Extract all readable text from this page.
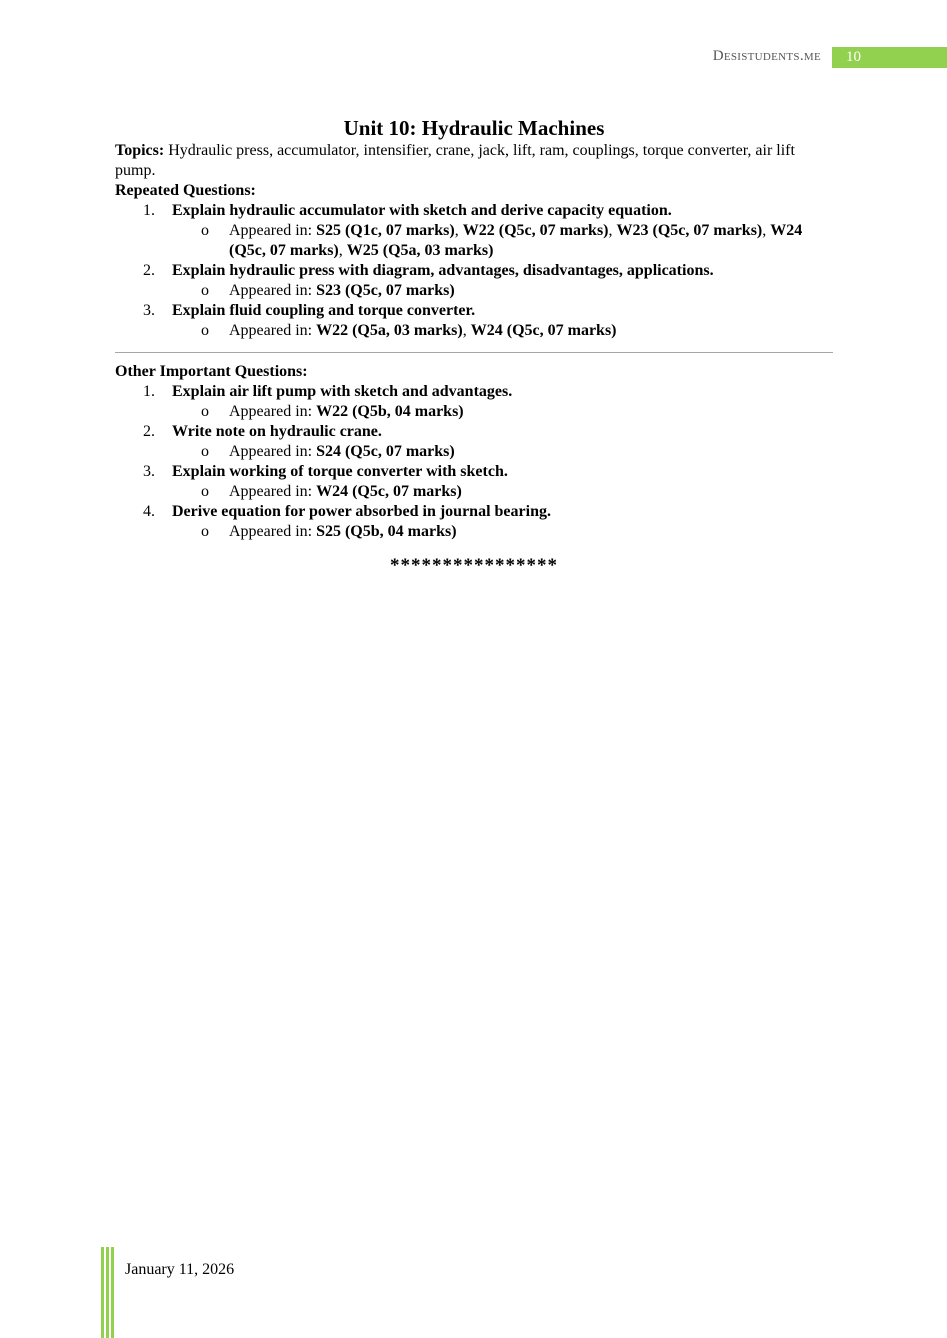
Desistudents.me	10
Unit 10: Hydraulic Machines

Topics: Hydraulic press, accumulator, intensifier, crane, jack, lift, ram, couplings, torque converter, air lift pump.

Repeated Questions:

1. Explain hydraulic accumulator with sketch and derive capacity equation.
o Appeared in: S25 (Q1c, 07 marks), W22 (Q5c, 07 marks), W23 (Q5c, 07 marks), W24 (Q5c, 07 marks), W25 (Q5a, 03 marks)
2. Explain hydraulic press with diagram, advantages, disadvantages, applications.
o Appeared in: S23 (Q5c, 07 marks)
3. Explain fluid coupling and torque converter.
o Appeared in: W22 (Q5a, 03 marks), W24 (Q5c, 07 marks)

Other Important Questions:

1. Explain air lift pump with sketch and advantages.
o Appeared in: W22 (Q5b, 04 marks)
2. Write note on hydraulic crane.
o Appeared in: S24 (Q5c, 07 marks)
3. Explain working of torque converter with sketch.
o Appeared in: W24 (Q5c, 07 marks)
4. Derive equation for power absorbed in journal bearing.
o Appeared in: S25 (Q5b, 04 marks)
****************
January 11, 2026
